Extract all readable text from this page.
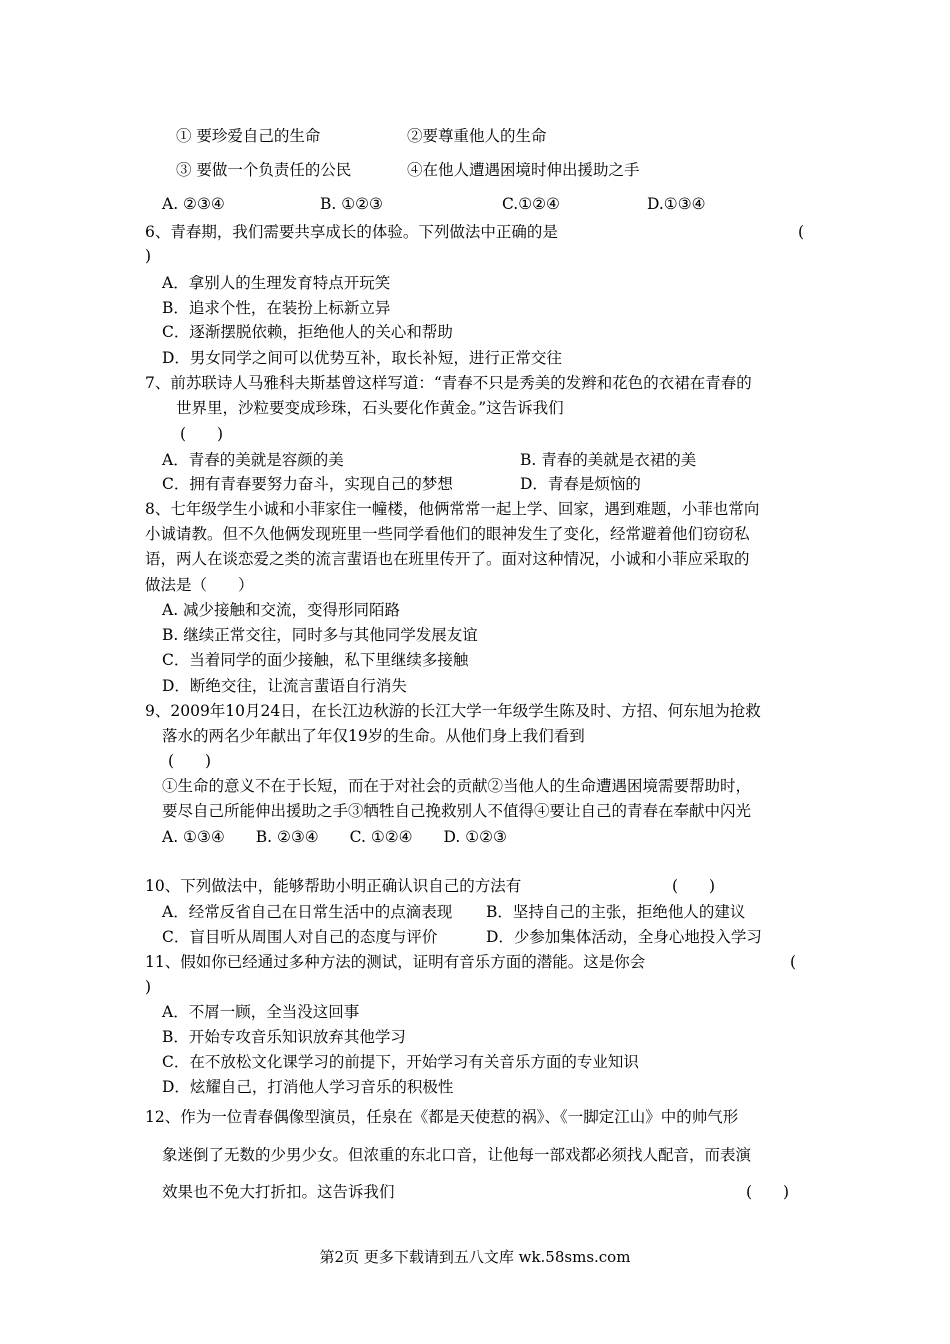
① 要珍爱自己的生命	②要尊重他人的生命
③ 要做一个负责任的公民	④在他人遭遇困境时伸出援助之手
A. ②③④	B. ①②③	C.①②④	D.①③④
6、青春期，我们需要共享成长的体验。下列做法中正确的是	(
)
A．拿别人的生理发育特点开玩笑
B．追求个性，在装扮上标新立异
C．逐渐摆脱依赖，拒绝他人的关心和帮助
D．男女同学之间可以优势互补，取长补短，进行正常交往
7、前苏联诗人马雅科夫斯基曾这样写道：“青春不只是秀美的发辫和花色的衣裙在青春的
世界里，沙粒要变成珍珠，石头要化作黄金。”这告诉我们
(　　)
A．青春的美就是容颜的美	B. 青春的美就是衣裙的美
C．拥有青春要努力奋斗，实现自己的梦想	D．青春是烦恼的
8、七年级学生小诚和小菲家住一幢楼，他俩常常一起上学、回家，遇到难题，小菲也常向
小诚请教。但不久他俩发现班里一些同学看他们的眼神发生了变化，经常避着他们窃窃私
语，两人在谈恋爱之类的流言蜚语也在班里传开了。面对这种情况，小诚和小菲应采取的
做法是（　　）
A. 减少接触和交流，变得形同陌路
B. 继续正常交往，同时多与其他同学发展友谊
C．当着同学的面少接触，私下里继续多接触
D．断绝交往，让流言蜚语自行消失
9、2009年10月24日，在长江边秋游的长江大学一年级学生陈及时、方招、何东旭为抢救
落水的两名少年献出了年仅19岁的生命。从他们身上我们看到
(　　)
①生命的意义不在于长短，而在于对社会的贡献②当他人的生命遭遇困境需要帮助时，
要尽自己所能伸出援助之手③牺牲自己挽救别人不值得④要让自己的青春在奉献中闪光
A. ①③④　　B. ②③④　　C. ①②④　　D. ①②③
10、下列做法中，能够帮助小明正确认识自己的方法有	(　　)
A．经常反省自己在日常生活中的点滴表现 B．坚持自己的主张，拒绝他人的建议
C．盲目听从周围人对自己的态度与评价	D．少参加集体活动，全身心地投入学习
11、假如你已经通过多种方法的测试，证明有音乐方面的潜能。这是你会	(
)
A．不屑一顾，全当没这回事
B．开始专攻音乐知识放弃其他学习
C．在不放松文化课学习的前提下，开始学习有关音乐方面的专业知识
D．炫耀自己，打消他人学习音乐的积极性
12、作为一位青春偶像型演员，任泉在《都是天使惹的祸》、《一脚定江山》中的帅气形
象迷倒了无数的少男少女。但浓重的东北口音，让他每一部戏都必须找人配音，而表演
效果也不免大打折扣。这告诉我们	(　　)
第2页 更多下载请到五八文库 wk.58sms.com
